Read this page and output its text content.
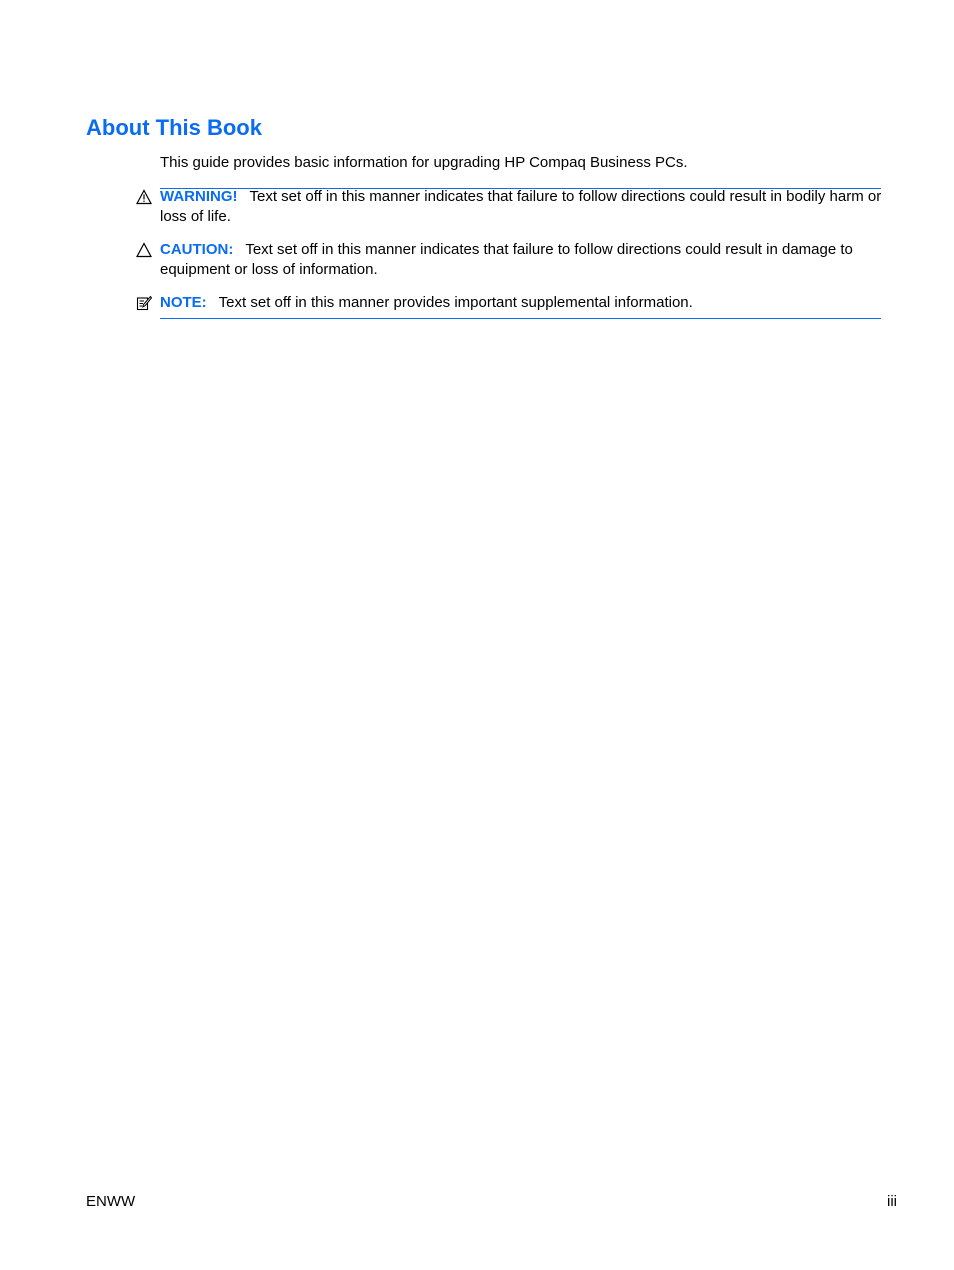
About This Book

This guide provides basic information for upgrading HP Compaq Business PCs.

WARNING! Text set off in this manner indicates that failure to follow directions could result in bodily harm or loss of life.
CAUTION: Text set off in this manner indicates that failure to follow directions could result in damage to equipment or loss of information.
NOTE: Text set off in this manner provides important supplemental information.
ENWW	iii
